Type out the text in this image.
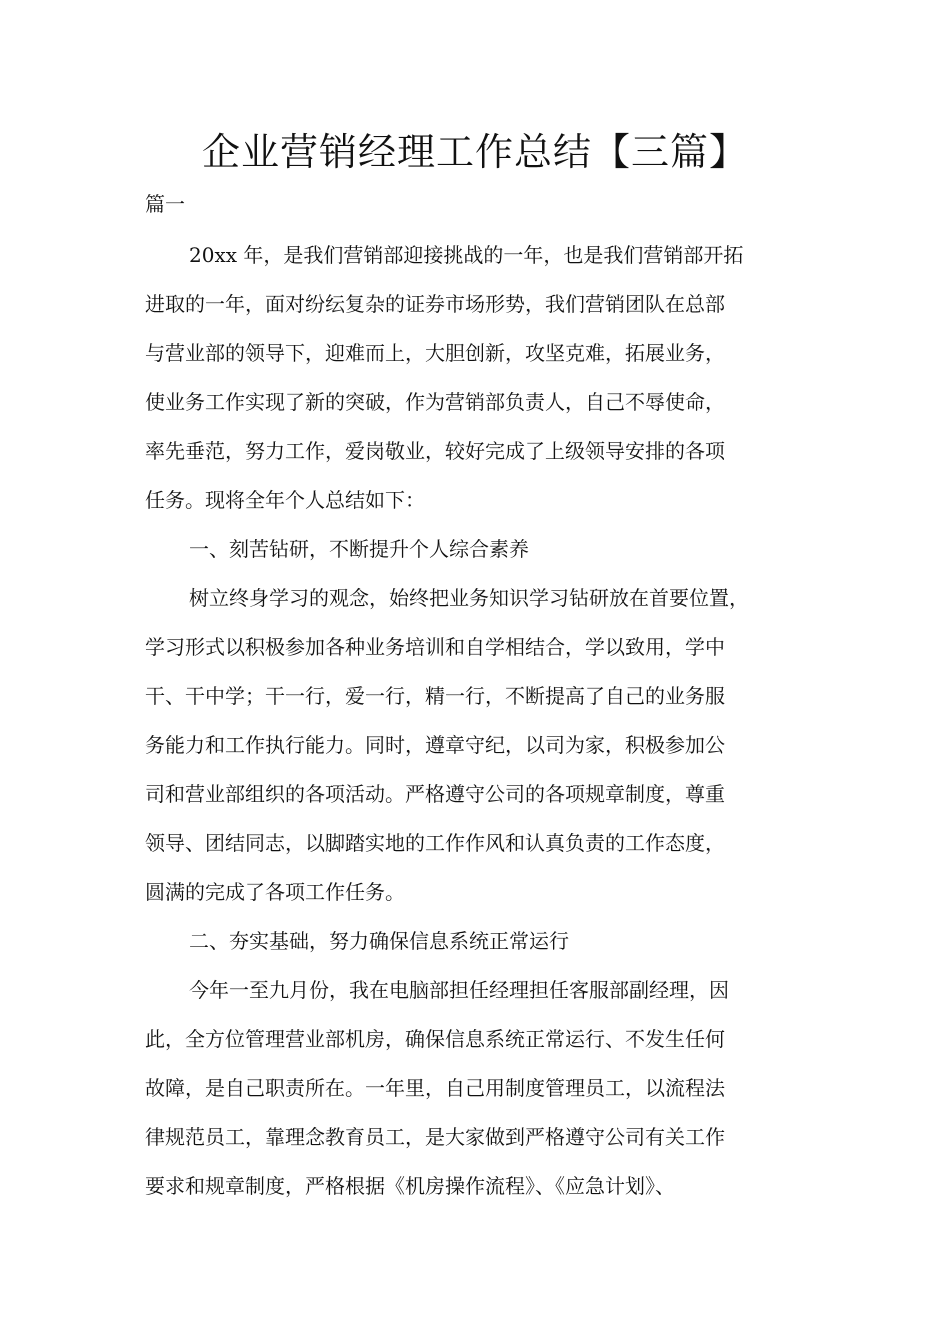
企业营销经理工作总结【三篇】
篇一
20xx 年，是我们营销部迎接挑战的一年，也是我们营销部开拓
进取的一年，面对纷纭复杂的证券市场形势，我们营销团队在总部
与营业部的领导下，迎难而上，大胆创新，攻坚克难，拓展业务，
使业务工作实现了新的突破，作为营销部负责人，自己不辱使命，
率先垂范，努力工作，爱岗敬业，较好完成了上级领导安排的各项
任务。现将全年个人总结如下：
一、刻苦钻研，不断提升个人综合素养
树立终身学习的观念，始终把业务知识学习钻研放在首要位置，
学习形式以积极参加各种业务培训和自学相结合，学以致用，学中
干、干中学；干一行，爱一行，精一行，不断提高了自己的业务服
务能力和工作执行能力。同时，遵章守纪，以司为家，积极参加公
司和营业部组织的各项活动。严格遵守公司的各项规章制度，尊重
领导、团结同志，以脚踏实地的工作作风和认真负责的工作态度，
圆满的完成了各项工作任务。
二、夯实基础，努力确保信息系统正常运行
今年一至九月份，我在电脑部担任经理担任客服部副经理，因
此，全方位管理营业部机房，确保信息系统正常运行、不发生任何
故障，是自己职责所在。一年里，自己用制度管理员工，以流程法
律规范员工，靠理念教育员工，是大家做到严格遵守公司有关工作
要求和规章制度，严格根据《机房操作流程》、《应急计划》、
